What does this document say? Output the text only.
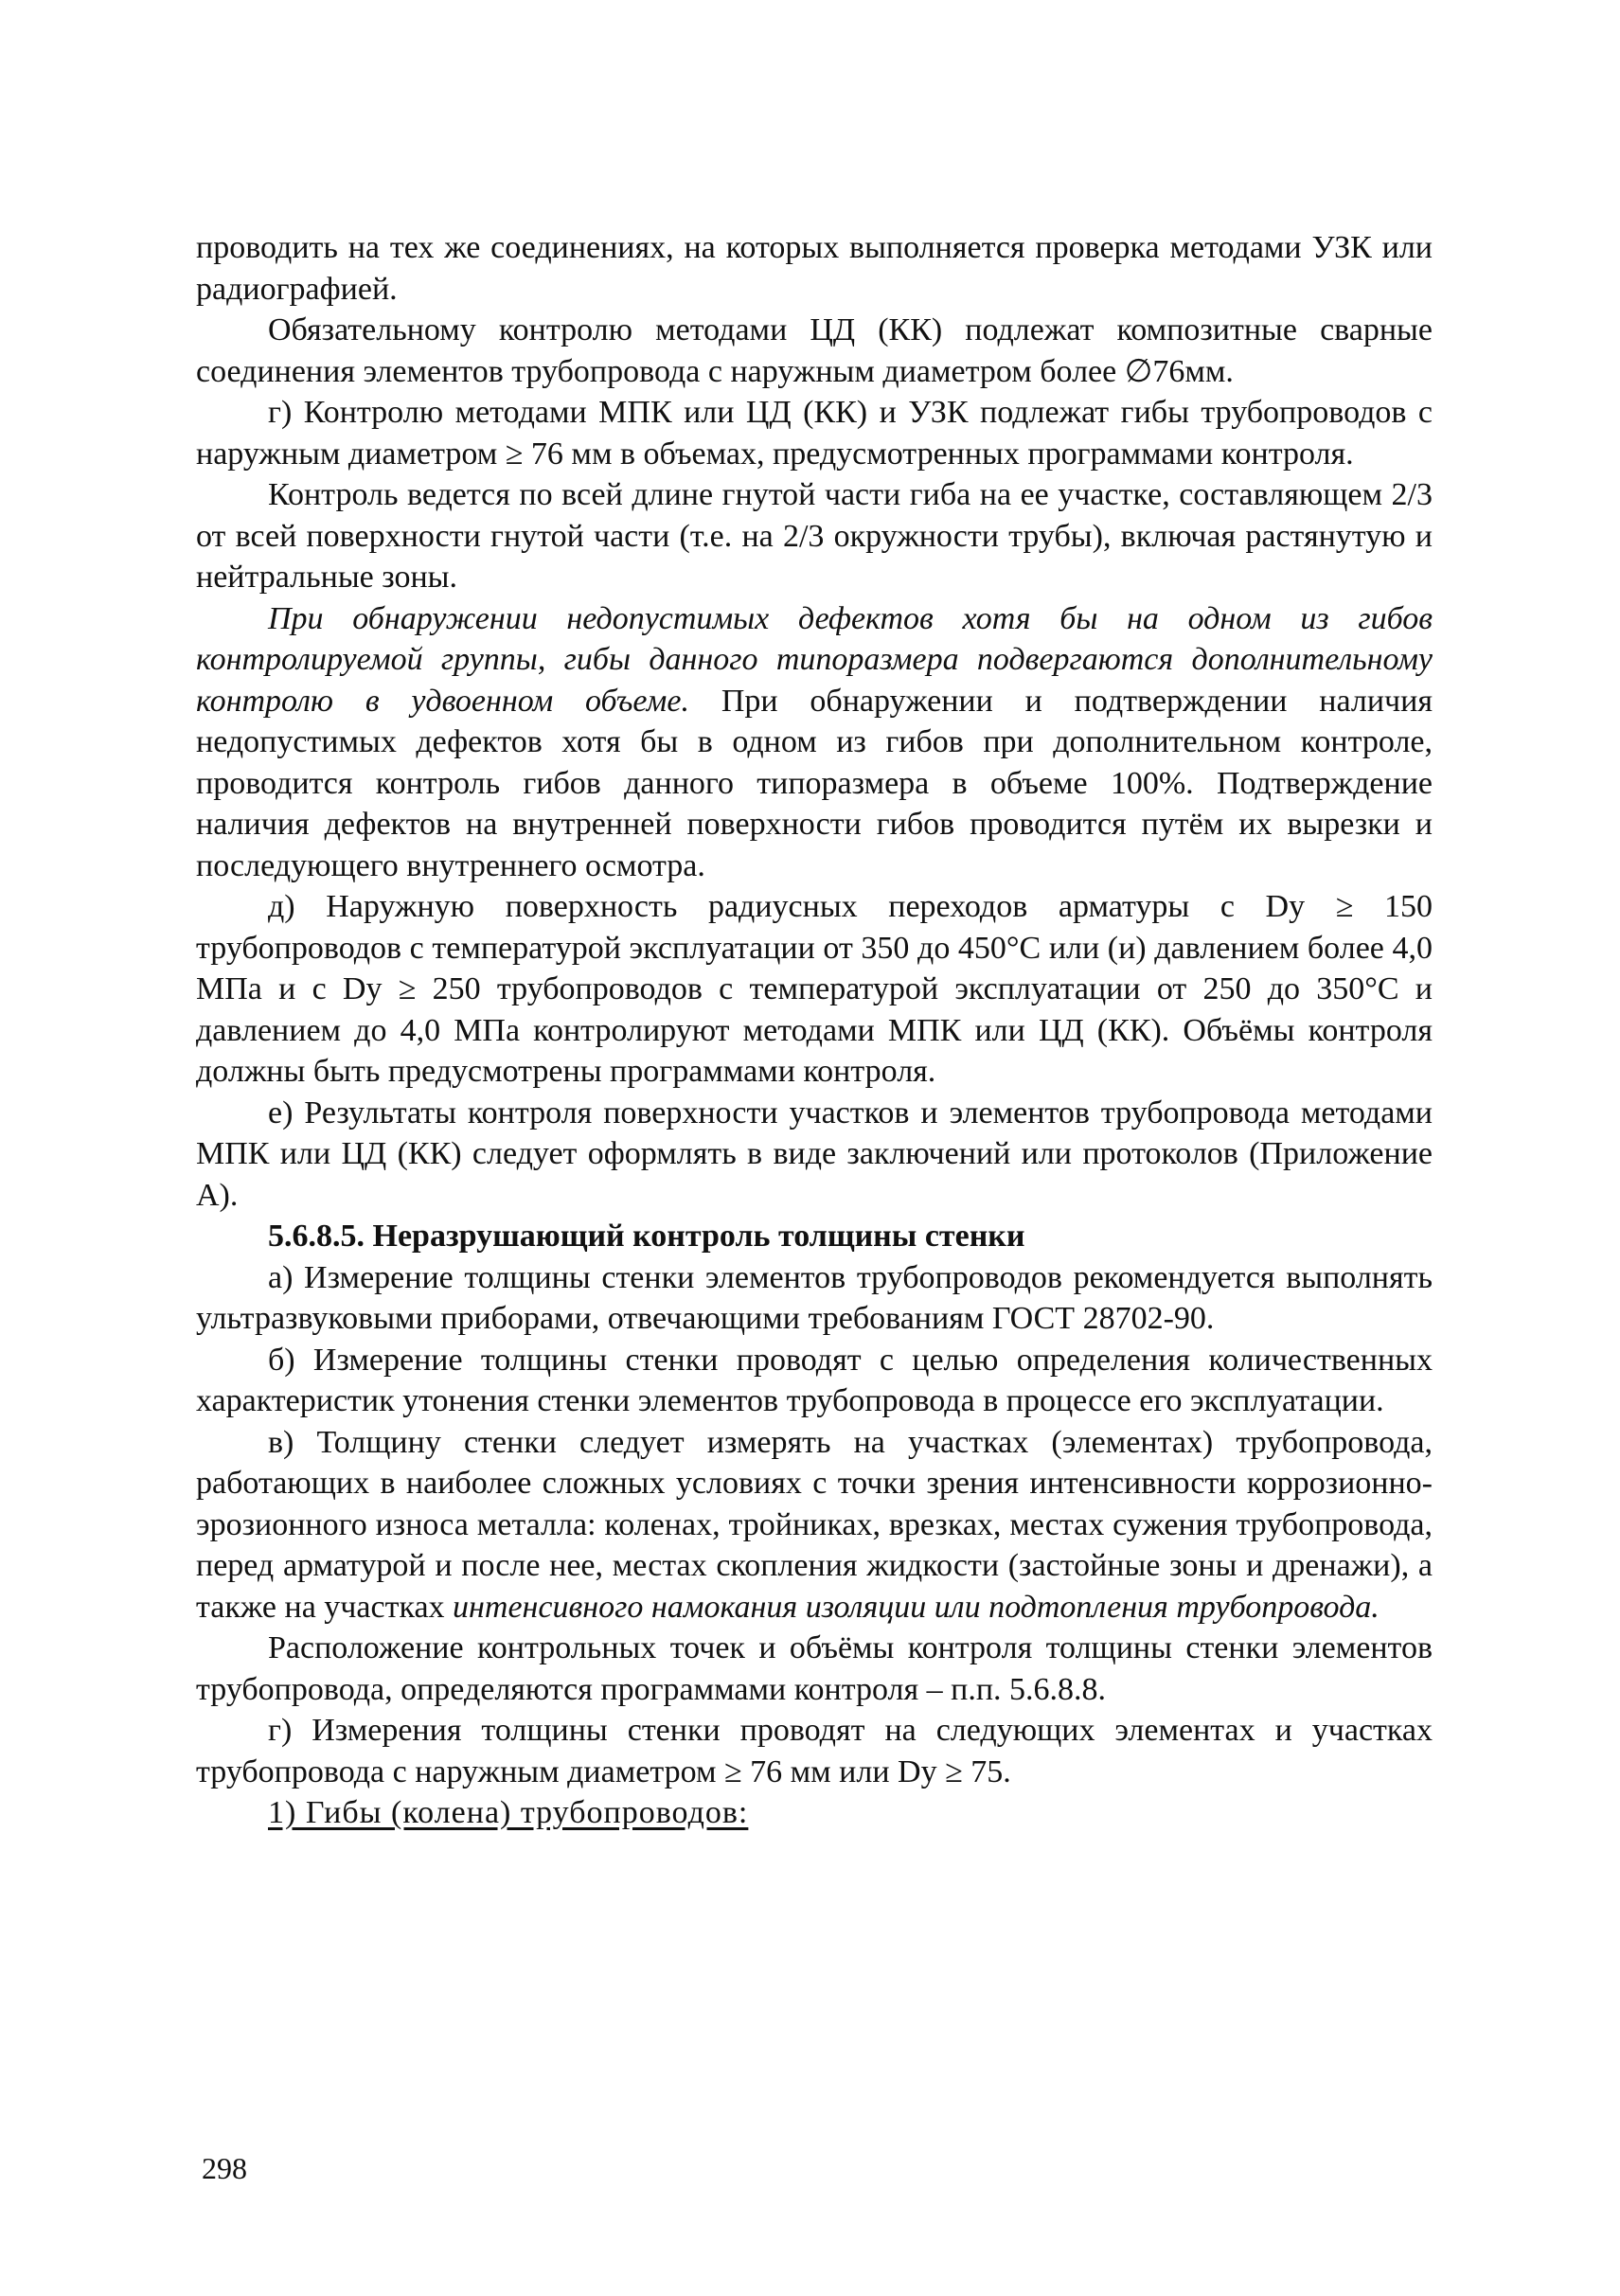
проводить на тех же соединениях, на которых выполняется проверка методами УЗК или радиографией.

Обязательному контролю методами ЦД (КК) подлежат композитные сварные соединения элементов трубопровода с наружным диаметром более ∅76мм.

г) Контролю методами МПК или ЦД (КК) и УЗК подлежат гибы трубопроводов с наружным диаметром ≥ 76 мм в объемах, предусмотренных программами контроля.

Контроль ведется по всей длине гнутой части гиба на ее участке, составляющем 2/3 от всей поверхности гнутой части (т.е. на 2/3 окружности трубы), включая растянутую и нейтральные зоны.

При обнаружении недопустимых дефектов хотя бы на одном из гибов контролируемой группы, гибы данного типоразмера подвергаются дополнительному контролю в удвоенном объеме. При обнаружении и подтверждении наличия недопустимых дефектов хотя бы в одном из гибов при дополнительном контроле, проводится контроль гибов данного типоразмера в объеме 100%. Подтверждение наличия дефектов на внутренней поверхности гибов проводится путём их вырезки и последующего внутреннего осмотра.

д) Наружную поверхность радиусных переходов арматуры с Dу ≥ 150 трубопроводов с температурой эксплуатации от 350 до 450°С или (и) давлением более 4,0 МПа и с Dу ≥ 250 трубопроводов с температурой эксплуатации от 250 до 350°С и давлением до 4,0 МПа контролируют методами МПК или ЦД (КК). Объёмы контроля должны быть предусмотрены программами контроля.

е) Результаты контроля поверхности участков и элементов трубопровода методами МПК или ЦД (КК) следует оформлять в виде заключений или протоколов (Приложение А).

5.6.8.5. Неразрушающий контроль толщины стенки

а) Измерение толщины стенки элементов трубопроводов рекомендуется выполнять ультразвуковыми приборами, отвечающими требованиям ГОСТ 28702-90.

б) Измерение толщины стенки проводят с целью определения количественных характеристик утонения стенки элементов трубопровода в процессе его эксплуатации.

в) Толщину стенки следует измерять на участках (элементах) трубопровода, работающих в наиболее сложных условиях с точки зрения интенсивности коррозионно-эрозионного износа металла: коленах, тройниках, врезках, местах сужения трубопровода, перед арматурой и после нее, местах скопления жидкости (застойные зоны и дренажи), а также на участках интенсивного намокания изоляции или подтопления трубопровода.

Расположение контрольных точек и объёмы контроля толщины стенки элементов трубопровода, определяются программами контроля – п.п. 5.6.8.8.

г) Измерения толщины стенки проводят на следующих элементах и участках трубопровода с наружным диаметром ≥ 76 мм или Dу ≥ 75.

1) Гибы (колена) трубопроводов:

298
